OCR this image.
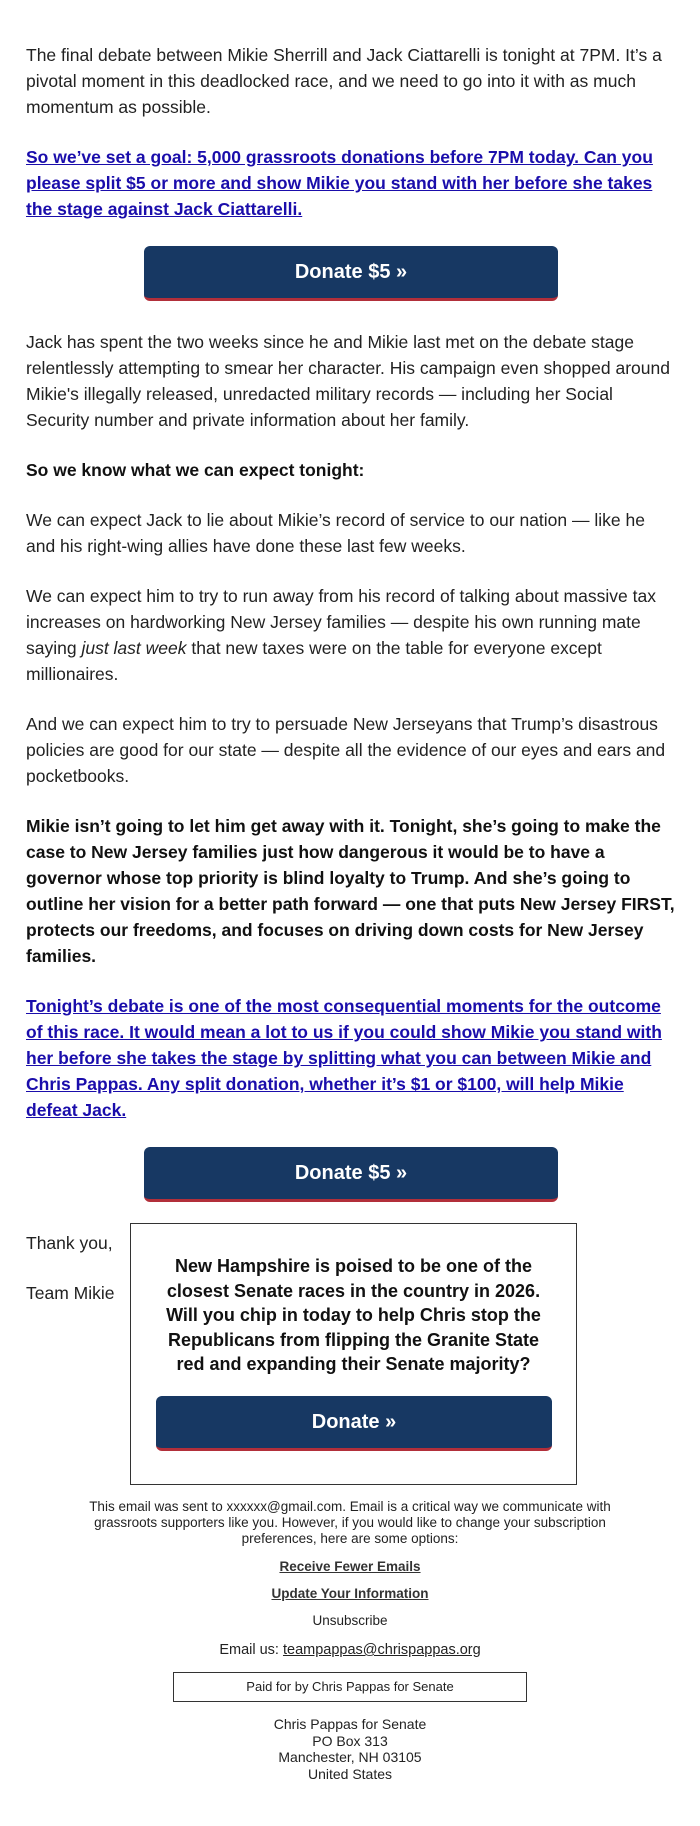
The final debate between Mikie Sherrill and Jack Ciattarelli is tonight at 7PM. It’s a pivotal moment in this deadlocked race, and we need to go into it with as much momentum as possible.

So we’ve set a goal: 5,000 grassroots donations before 7PM today. Can you please split $5 or more and show Mikie you stand with her before she takes the stage against Jack Ciattarelli.

Donate $5 »

Jack has spent the two weeks since he and Mikie last met on the debate stage relentlessly attempting to smear her character. His campaign even shopped around Mikie's illegally released, unredacted military records — including her Social Security number and private information about her family.

So we know what we can expect tonight:

We can expect Jack to lie about Mikie’s record of service to our nation — like he and his right-wing allies have done these last few weeks.

We can expect him to try to run away from his record of talking about massive tax increases on hardworking New Jersey families — despite his own running mate saying just last week that new taxes were on the table for everyone except millionaires.

And we can expect him to try to persuade New Jerseyans that Trump’s disastrous policies are good for our state — despite all the evidence of our eyes and ears and pocketbooks.

Mikie isn’t going to let him get away with it. Tonight, she’s going to make the case to New Jersey families just how dangerous it would be to have a governor whose top priority is blind loyalty to Trump. And she’s going to outline her vision for a better path forward — one that puts New Jersey FIRST, protects our freedoms, and focuses on driving down costs for New Jersey families.

Tonight’s debate is one of the most consequential moments for the outcome of this race. It would mean a lot to us if you could show Mikie you stand with her before she takes the stage by splitting what you can between Mikie and Chris Pappas. Any split donation, whether it’s $1 or $100, will help Mikie defeat Jack.

Donate $5 »

Thank you,

Team Mikie

New Hampshire is poised to be one of the closest Senate races in the country in 2026. Will you chip in today to help Chris stop the Republicans from flipping the Granite State red and expanding their Senate majority?
Donate »
This email was sent to xxxxxx@gmail.com. Email is a critical way we communicate with grassroots supporters like you. However, if you would like to change your subscription preferences, here are some options:
Receive Fewer Emails
Update Your Information
Unsubscribe
Email us: teampappas@chrispappas.org
Paid for by Chris Pappas for Senate
Chris Pappas for Senate
PO Box 313
Manchester, NH 03105
United States
